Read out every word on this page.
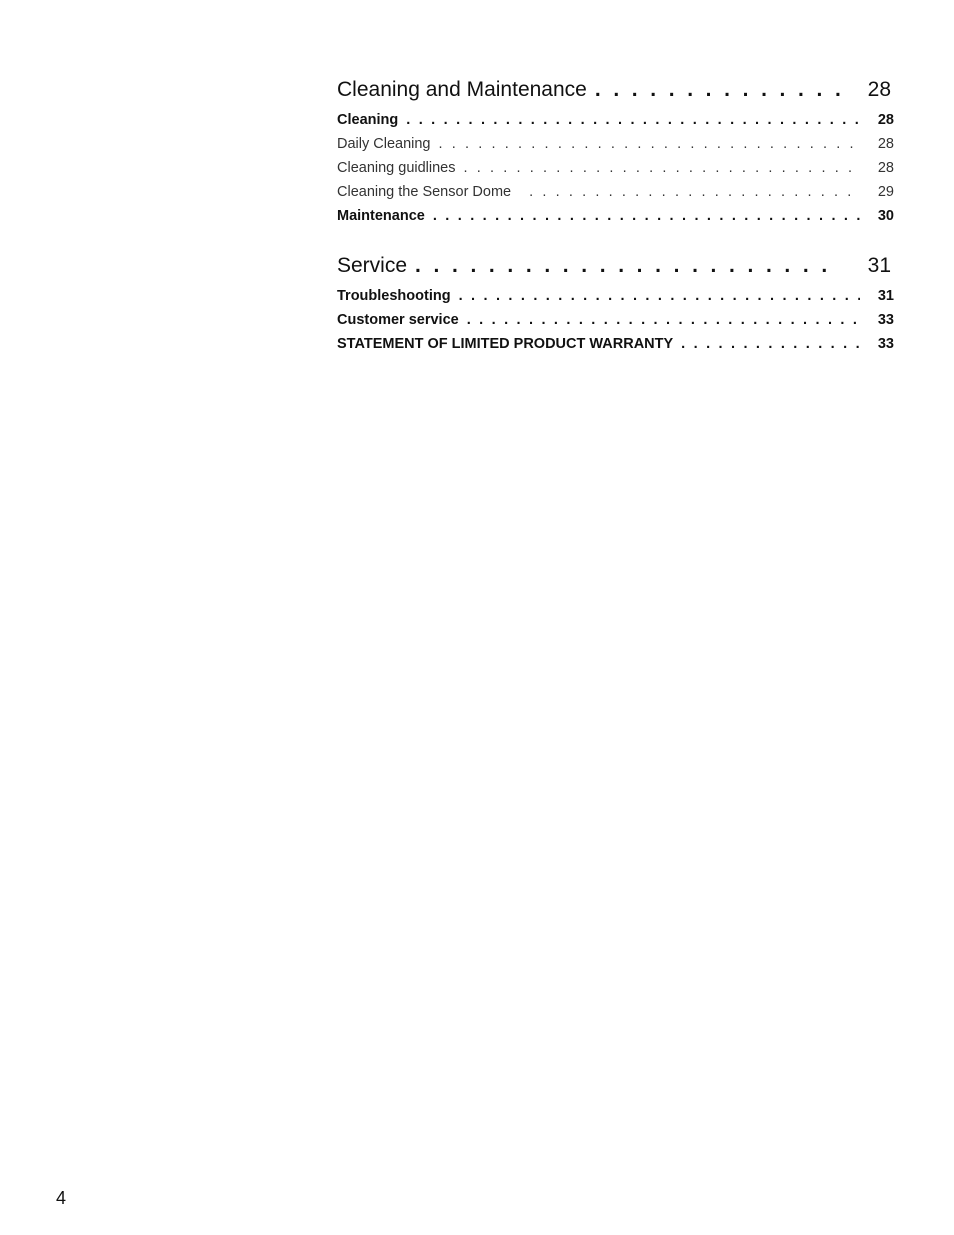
Cleaning and Maintenance . . .	28
Cleaning . . .	28
Daily Cleaning . . .	28
Cleaning guidlines . . .	28
Cleaning the Sensor Dome . . .	29
Maintenance . . .	30
Service . . .	31
Troubleshooting . . .	31
Customer service . . .	33
STATEMENT OF LIMITED PRODUCT WARRANTY . . .	33
4
